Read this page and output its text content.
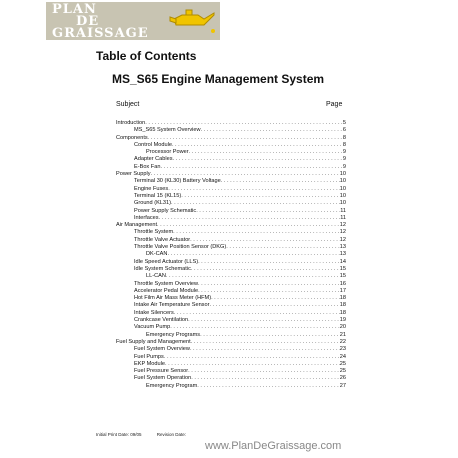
PLAN
DE
GRAISSAGE
Table of Contents
MS_S65 Engine Management System
Subject	Page
Introduction . . .	5
MS_S65 System Overview . . .	6
Components . . .	8
Control Module . . .	8
Processor Power . . .	9
Adapter Cables . . .	9
E-Box Fan . . .	9
Power Supply . . .	10
Terminal 30 (KL30) Battery Voltage . . .	10
Engine Fuses . . .	10
Terminal 15 (KL15) . . .	10
Ground (KL31) . . .	10
Power Supply Schematic . . .	11
Interfaces . . .	11
Air Management . . .	12
Throttle System . . .	12
Throttle Valve Actuator . . .	12
Throttle Valve Position Sensor (DKG) . . .	13
DK-CAN . . .	13
Idle Speed Actuator (LLS) . . .	14
Idle System Schematic . . .	15
LL-CAN . . .	15
Throttle System Overview . . .	16
Accelerator Pedal Module . . .	17
Hot Film Air Mass Meter (HFM) . . .	18
Intake Air Temperature Sensor . . .	18
Intake Silencers . . .	18
Crankcase Ventilation . . .	19
Vacuum Pump . . .	20
Emergency Programs . . .	21
Fuel Supply and Management . . .	22
Fuel System Overview . . .	23
Fuel Pumps . . .	24
EKP Module . . .	25
Fuel Pressure Sensor . . .	25
Fuel System Operation . . .	26
Emergency Program . . .	27
Initial Print Date: 09/05	Revision Date:
www.PlanDeGraissage.com
